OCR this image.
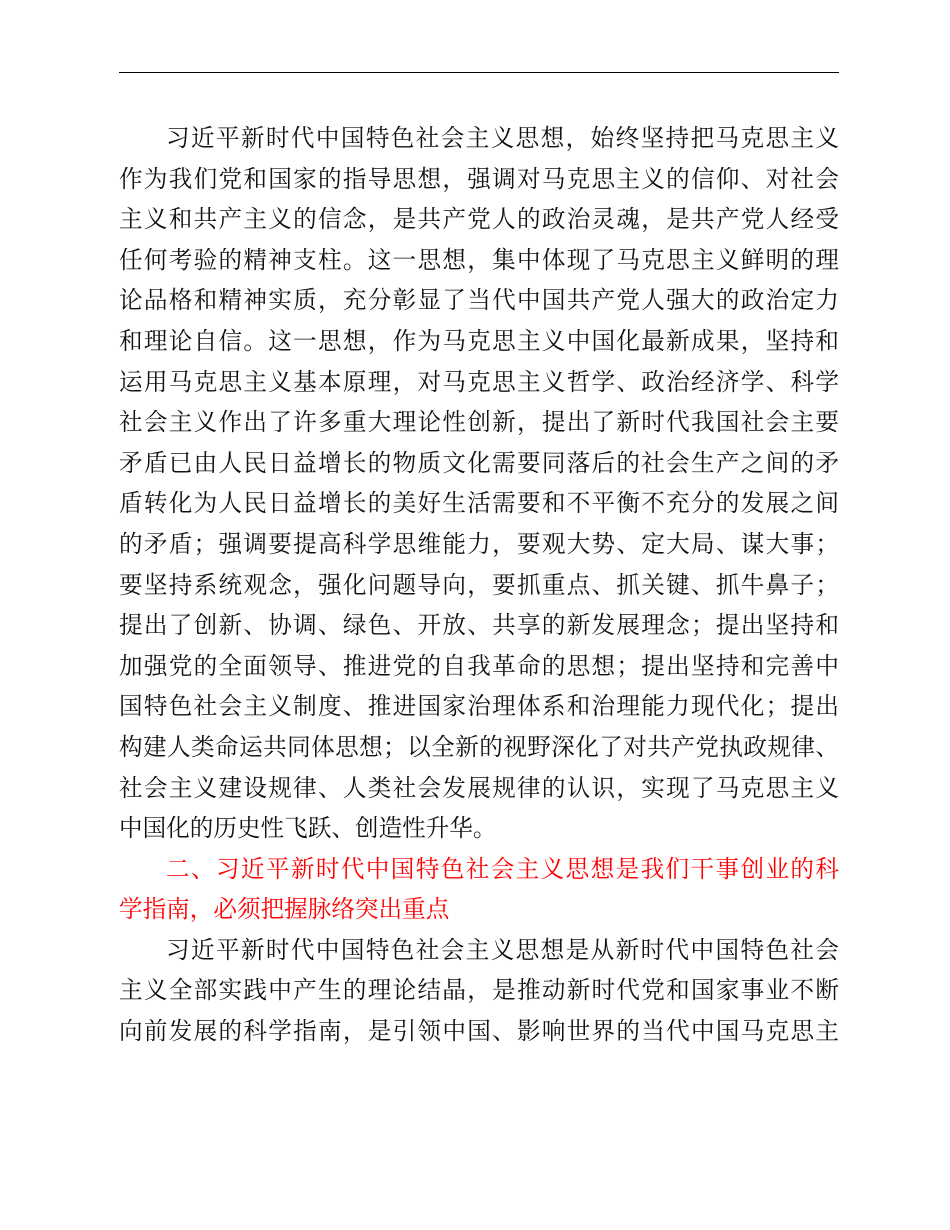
习近平新时代中国特色社会主义思想，始终坚持把马克思主义
作为我们党和国家的指导思想，强调对马克思主义的信仰、对社会
主义和共产主义的信念，是共产党人的政治灵魂，是共产党人经受
任何考验的精神支柱。这一思想，集中体现了马克思主义鲜明的理
论品格和精神实质，充分彰显了当代中国共产党人强大的政治定力
和理论自信。这一思想，作为马克思主义中国化最新成果，坚持和
运用马克思主义基本原理，对马克思主义哲学、政治经济学、科学
社会主义作出了许多重大理论性创新，提出了新时代我国社会主要
矛盾已由人民日益增长的物质文化需要同落后的社会生产之间的矛
盾转化为人民日益增长的美好生活需要和不平衡不充分的发展之间
的矛盾；强调要提高科学思维能力，要观大势、定大局、谋大事；
要坚持系统观念，强化问题导向，要抓重点、抓关键、抓牛鼻子；
提出了创新、协调、绿色、开放、共享的新发展理念；提出坚持和
加强党的全面领导、推进党的自我革命的思想；提出坚持和完善中
国特色社会主义制度、推进国家治理体系和治理能力现代化；提出
构建人类命运共同体思想；以全新的视野深化了对共产党执政规律、
社会主义建设规律、人类社会发展规律的认识，实现了马克思主义
中国化的历史性飞跃、创造性升华。
二、习近平新时代中国特色社会主义思想是我们干事创业的科
学指南，必须把握脉络突出重点
习近平新时代中国特色社会主义思想是从新时代中国特色社会
主义全部实践中产生的理论结晶，是推动新时代党和国家事业不断
向前发展的科学指南，是引领中国、影响世界的当代中国马克思主
